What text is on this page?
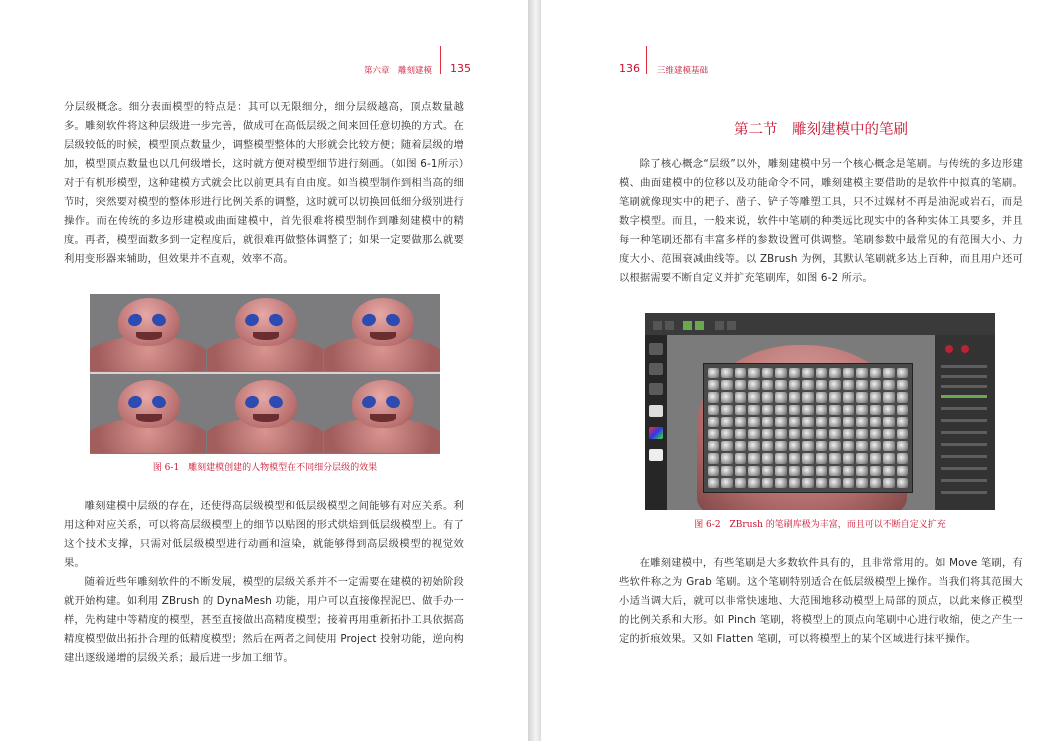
第六章　雕刻建模 135

分层级概念。细分表面模型的特点是：其可以无限细分，细分层级越高，顶点数量越多。雕刻软件将这种层级进一步完善，做成可在高低层级之间来回任意切换的方式。在层级较低的时候，模型顶点数量少，调整模型整体的大形就会比较方便；随着层级的增加，模型顶点数量也以几何级增长，这时就方便对模型细节进行刻画。（如图 6-1所示）对于有机形模型，这种建模方式就会比以前更具有自由度。如当模型制作到相当高的细节时，突然要对模型的整体形进行比例关系的调整，这时就可以切换回低细分级别进行操作。而在传统的多边形建模或曲面建模中，首先很难将模型制作到雕刻建模中的精度。再者，模型面数多到一定程度后，就很难再做整体调整了；如果一定要做那么就要利用变形器来辅助，但效果并不直观，效率不高。

图 6-1　雕刻建模创建的人物模型在不同细分层级的效果

雕刻建模中层级的存在，还使得高层级模型和低层级模型之间能够有对应关系。利用这种对应关系，可以将高层级模型上的细节以贴图的形式烘焙到低层级模型上。有了这个技术支撑，只需对低层级模型进行动画和渲染，就能够得到高层级模型的视觉效果。

随着近些年雕刻软件的不断发展，模型的层级关系并不一定需要在建模的初始阶段就开始构建。如利用 ZBrush 的 DynaMesh 功能，用户可以直接像捏泥巴、做手办一样，先构建中等精度的模型，甚至直接做出高精度模型；接着再用重新拓扑工具依据高精度模型做出拓扑合理的低精度模型；然后在两者之间使用 Project 投射功能，逆向构建出逐级递增的层级关系；最后进一步加工细节。

136 三维建模基础
第二节　雕刻建模中的笔刷

除了核心概念“层级”以外，雕刻建模中另一个核心概念是笔刷。与传统的多边形建模、曲面建模中的位移以及功能命令不同，雕刻建模主要借助的是软件中拟真的笔刷。笔刷就像现实中的耙子、凿子、铲子等雕塑工具，只不过媒材不再是油泥或岩石，而是数字模型。而且，一般来说，软件中笔刷的种类远比现实中的各种实体工具要多，并且每一种笔刷还都有丰富多样的参数设置可供调整。笔刷参数中最常见的有范围大小、力度大小、范围衰减曲线等。以 ZBrush 为例，其默认笔刷就多达上百种，而且用户还可以根据需要不断自定义并扩充笔刷库，如图 6-2 所示。

图 6-2　ZBrush 的笔刷库极为丰富，而且可以不断自定义扩充

在雕刻建模中，有些笔刷是大多数软件具有的，且非常常用的。如 Move 笔刷，有些软件称之为 Grab 笔刷。这个笔刷特别适合在低层级模型上操作。当我们将其范围大小适当调大后，就可以非常快速地、大范围地移动模型上局部的顶点，以此来修正模型的比例关系和大形。如 Pinch 笔刷，将模型上的顶点向笔刷中心进行收缩，使之产生一定的折痕效果。又如 Flatten 笔刷，可以将模型上的某个区域进行抹平操作。
